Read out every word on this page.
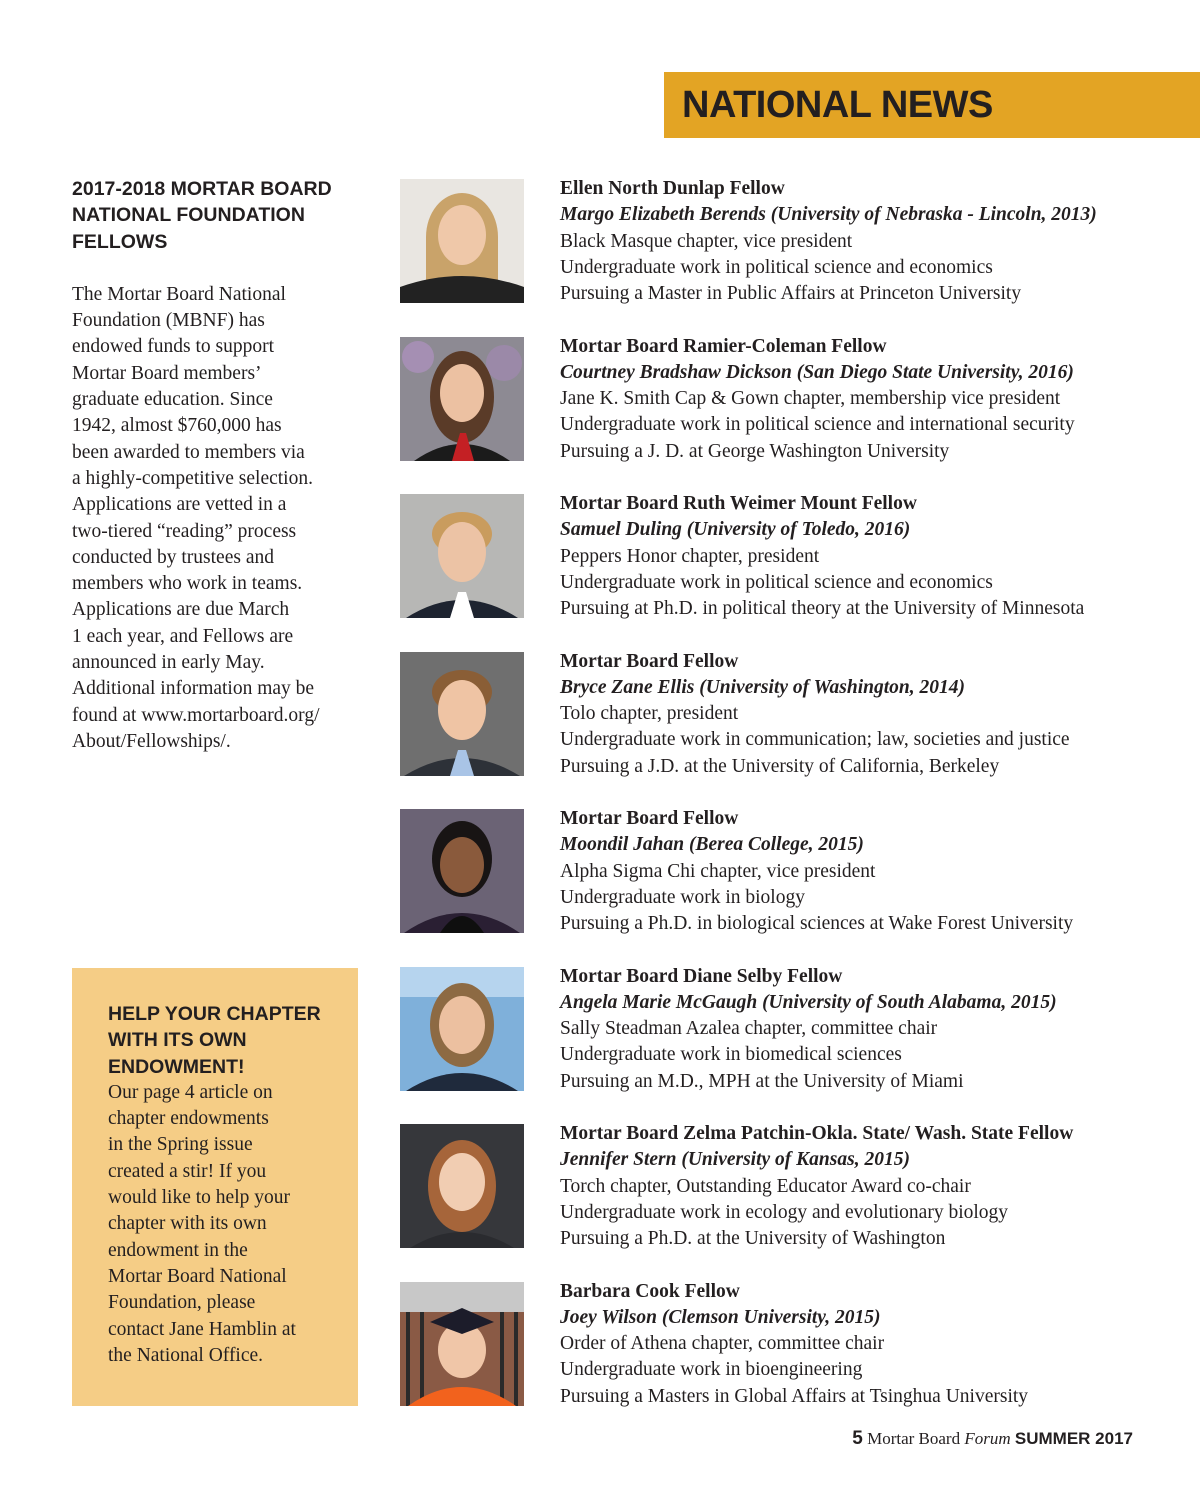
NATIONAL NEWS
2017-2018 MORTAR BOARD
NATIONAL FOUNDATION
FELLOWS
The Mortar Board National
Foundation (MBNF) has
endowed funds to support
Mortar Board members’
graduate education. Since
1942, almost $760,000 has
been awarded to members via
a highly-competitive selection.
Applications are vetted in a
two-tiered “reading” process
conducted by trustees and
members who work in teams.
Applications are due March
1 each year, and Fellows are
announced in early May.
Additional information may be
found at www.mortarboard.org/
About/Fellowships/.
HELP YOUR CHAPTER
WITH ITS OWN
ENDOWMENT!
Our page 4 article on
chapter endowments
in the Spring issue
created a stir! If you
would like to help your
chapter with its own
endowment in the
Mortar Board National
Foundation, please
contact Jane Hamblin at
the National Office.
Ellen North Dunlap Fellow
Margo Elizabeth Berends (University of Nebraska - Lincoln, 2013)
Black Masque chapter, vice president
Undergraduate work in political science and economics
Pursuing a Master in Public Affairs at Princeton University
Mortar Board Ramier-Coleman Fellow
Courtney Bradshaw Dickson (San Diego State University, 2016)
Jane K. Smith Cap & Gown chapter, membership vice president
Undergraduate work in political science and international security
Pursuing a J. D. at George Washington University
Mortar Board Ruth Weimer Mount Fellow
Samuel Duling (University of Toledo, 2016)
Peppers Honor chapter, president
Undergraduate work in political science and economics
Pursuing at Ph.D. in political theory at the University of Minnesota
Mortar Board Fellow
Bryce Zane Ellis (University of Washington, 2014)
Tolo chapter, president
Undergraduate work in communication; law, societies and justice
Pursuing a J.D. at the University of California, Berkeley
Mortar Board Fellow
Moondil Jahan (Berea College, 2015)
Alpha Sigma Chi chapter, vice president
Undergraduate work in biology
Pursuing a Ph.D. in biological sciences at Wake Forest University
Mortar Board Diane Selby Fellow
Angela Marie McGaugh (University of South Alabama, 2015)
Sally Steadman Azalea chapter, committee chair
Undergraduate work in biomedical sciences
Pursuing an M.D., MPH at the University of Miami
Mortar Board Zelma Patchin-Okla. State/ Wash. State Fellow
Jennifer Stern (University of Kansas, 2015)
Torch chapter, Outstanding Educator Award co-chair
Undergraduate work in ecology and evolutionary biology
Pursuing a Ph.D. at the University of Washington
Barbara Cook Fellow
Joey Wilson (Clemson University, 2015)
Order of Athena chapter, committee chair
Undergraduate work in bioengineering
Pursuing a Masters in Global Affairs at Tsinghua University
5 Mortar Board Forum SUMMER 2017
